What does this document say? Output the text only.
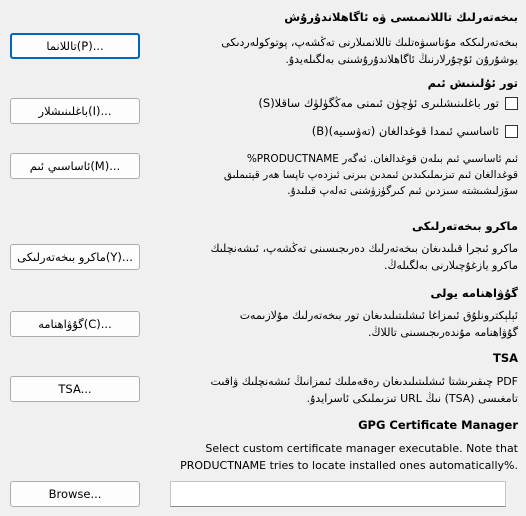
بىخەتەرلىك تاللانمىسى ۋە ئاگاھلاندۇرۇش
بىخەتەرلىككە مۇناسىۋەتلىك تاللانمىلارنى تەڭشەپ، پوتوكولەردىكى
يوشۇرۇن ئۇچۇرلارنىڭ ئاگاھلاندۇرۇشىنى بەلگىلەيدۇ.
تاللانما(P)...
تور ئۇلىنىش ئىم
تور باغلىنىشلىرى ئۈچۈن ئىمنى مەڭگۈلۈك ساقلا(S)
ئاساسىي ئىمدا قوغدالغان (تەۋسىيە)(B)
باغلىنىشلار(I)...
ئاساسىي ئىم(M)...	ئىم ئاساسىي ئىم بىلەن قوغدالغان. ئەگەر PRODUCTNAME%
قوغدالغان ئىم تىزىملىكىدىن ئىمدىن بىرنى ئىزدەپ تاپسا ھەر قېتىملىق
سۆزلىشىشتە سىزدىن ئىم كىرگۈزۈشنى تەلەپ قىلىدۇ.
ماكرو بىخەتەرلىكى
ماكرو ئىجرا قىلىدىغان بىخەتەرلىك دەرىجىسىنى تەڭشەپ، ئىشەنچلىك
ماكرو يازغۇچىلارنى بەلگىلەڭ.
ماكرو بىخەتەرلىكى(Y)...
گۇۋاھنامە يولى
ئېلېكترونلۇق ئىمزاغا ئىشلىتىلىدىغان تور بىخەتەرلىك مۇلازىمەت
گۇۋاھنامە مۇندەرىجىسىنى تاللاڭ.
گۇۋاھنامە(C)...
TSA
PDF چىقىرىشتا ئىشلىتىلىدىغان رەقەملىك ئىمزانىڭ ئىشەنچلىك ۋاقىت
تامغىسى (TSA) نىڭ URL تىزىملىكى ئاسرايدۇ.
TSA...
GPG Certificate Manager
Select custom certificate manager executable. Note that
PRODUCTNAME tries to locate installed ones automatically%.
Browse...
